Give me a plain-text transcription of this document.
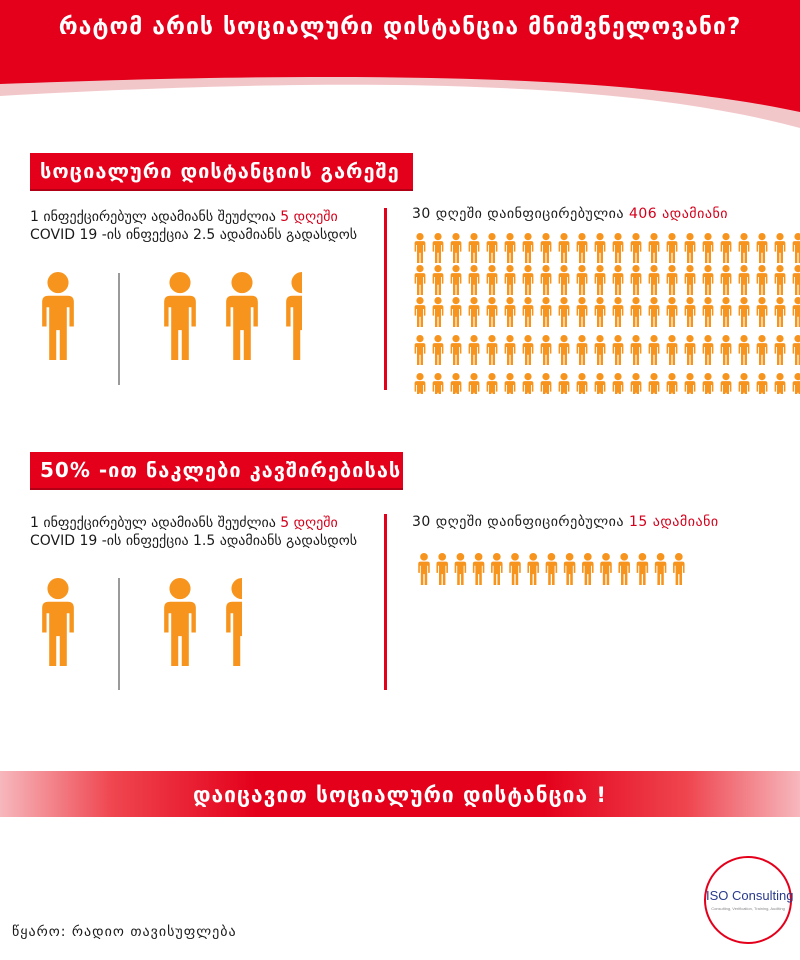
რატომ არის სოციალური დისტანცია მნიშვნელოვანი?
სოციალური დისტანციის გარეშე
1 ინფექცირებულ ადამიანს შეუძლია 5 დღეში
COVID 19 -ის ინფექცია 2.5 ადამიანს გადასდოს
30 დღეში დაინფიცირებულია 406 ადამიანი
50% -ით ნაკლები კავშირებისას
1 ინფექცირებულ ადამიანს შეუძლია 5 დღეში
COVID 19 -ის ინფექცია 1.5 ადამიანს გადასდოს
30 დღეში დაინფიცირებულია 15 ადამიანი
დაიცავით სოციალური დისტანცია !
წყარო: რადიო თავისუფლება
ISO Consulting
Consulting, Verification, Training, Auditing
